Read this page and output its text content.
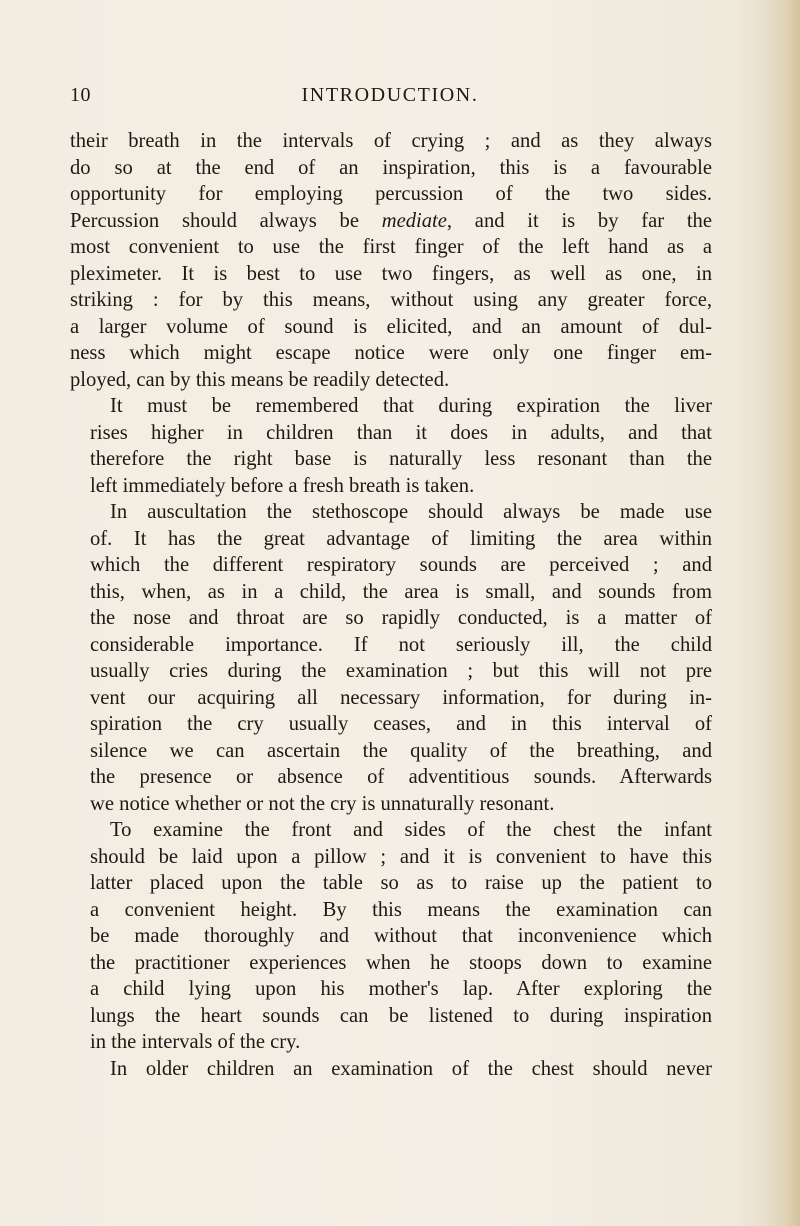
10	INTRODUCTION.

their breath in the intervals of crying ; and as they always
do so at the end of an inspiration, this is a favourable
opportunity for employing percussion of the two sides.
Percussion should always be mediate, and it is by far the
most convenient to use the first finger of the left hand as a
pleximeter. It is best to use two fingers, as well as one, in
striking : for by this means, without using any greater force,
a larger volume of sound is elicited, and an amount of dul-
ness which might escape notice were only one finger em-
ployed, can by this means be readily detected.

It must be remembered that during expiration the liver
rises higher in children than it does in adults, and that
therefore the right base is naturally less resonant than the
left immediately before a fresh breath is taken.

In auscultation the stethoscope should always be made use
of. It has the great advantage of limiting the area within
which the different respiratory sounds are perceived ; and
this, when, as in a child, the area is small, and sounds from
the nose and throat are so rapidly conducted, is a matter of
considerable importance. If not seriously ill, the child
usually cries during the examination ; but this will not pre
vent our acquiring all necessary information, for during in-
spiration the cry usually ceases, and in this interval of
silence we can ascertain the quality of the breathing, and
the presence or absence of adventitious sounds. Afterwards
we notice whether or not the cry is unnaturally resonant.

To examine the front and sides of the chest the infant
should be laid upon a pillow ; and it is convenient to have this
latter placed upon the table so as to raise up the patient to
a convenient height. By this means the examination can
be made thoroughly and without that inconvenience which
the practitioner experiences when he stoops down to examine
a child lying upon his mother's lap. After exploring the
lungs the heart sounds can be listened to during inspiration
in the intervals of the cry.

In older children an examination of the chest should never
